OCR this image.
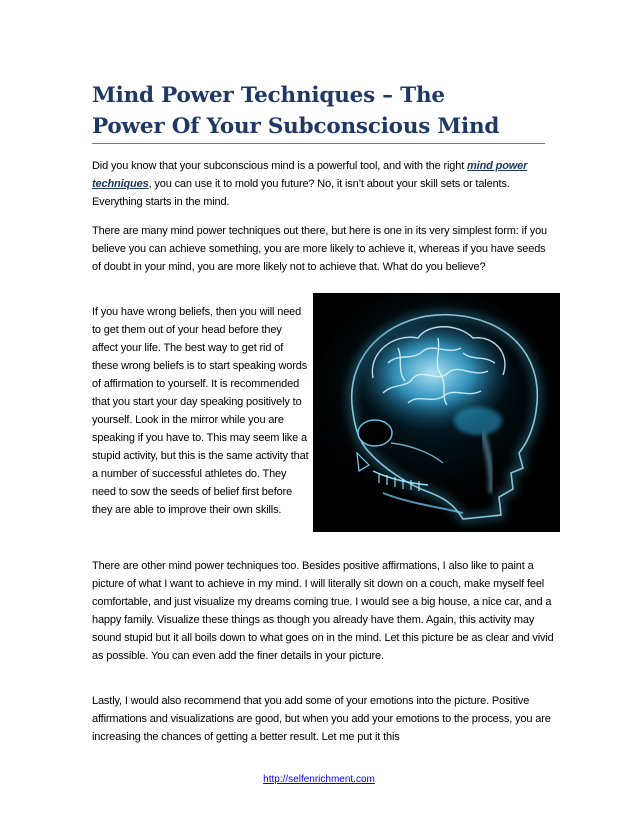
Mind Power Techniques – The
Power Of Your Subconscious Mind

Did you know that your subconscious mind is a powerful tool, and with the right mind power techniques, you can use it to mold you future? No, it isn’t about your skill sets or talents. Everything starts in the mind.

There are many mind power techniques out there, but here is one in its very simplest form: if you believe you can achieve something, you are more likely to achieve it, whereas if you have seeds of doubt in your mind, you are more likely not to achieve that. What do you believe?

If you have wrong beliefs, then you will need to get them out of your head before they affect your life. The best way to get rid of these wrong beliefs is to start speaking words of affirmation to yourself. It is recommended that you start your day speaking positively to yourself. Look in the mirror while you are speaking if you have to. This may seem like a stupid activity, but this is the same activity that a number of successful athletes do. They need to sow the seeds of belief first before they are able to improve their own skills.

There are other mind power techniques too. Besides positive affirmations, I also like to paint a picture of what I want to achieve in my mind. I will literally sit down on a couch, make myself feel comfortable, and just visualize my dreams coming true. I would see a big house, a nice car, and a happy family. Visualize these things as though you already have them. Again, this activity may sound stupid but it all boils down to what goes on in the mind. Let this picture be as clear and vivid as possible. You can even add the finer details in your picture.

Lastly, I would also recommend that you add some of your emotions into the picture. Positive affirmations and visualizations are good, but when you add your emotions to the process, you are increasing the chances of getting a better result. Let me put it this

http://selfenrichment.com
